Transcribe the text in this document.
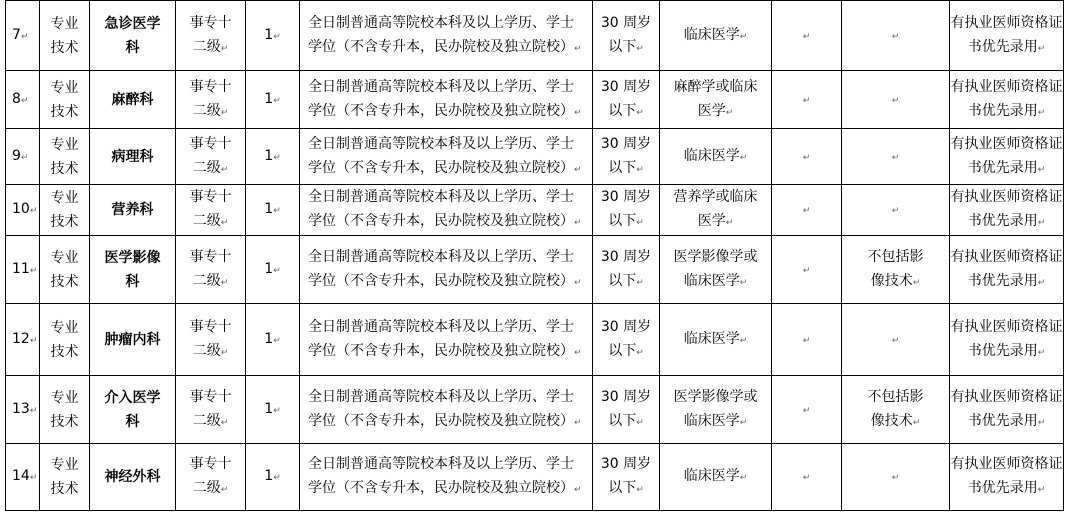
7↵	专业
技术	急诊医学
科	事专十
二级↵	1↵	全日制普通高等院校本科及以上学历、学士
学位（不含专升本，民办院校及独立院校）↵	30 周岁
以下↵	临床医学↵	↵	↵	有执业医师资格证
书优先录用↵

8↵	专业
技术	麻醉科	事专十
二级↵	1↵	全日制普通高等院校本科及以上学历、学士
学位（不含专升本，民办院校及独立院校）↵	30 周岁
以下↵	麻醉学或临床
医学↵	↵	↵	有执业医师资格证
书优先录用↵

9↵	专业
技术	病理科	事专十
二级↵	1↵	全日制普通高等院校本科及以上学历、学士
学位（不含专升本，民办院校及独立院校）↵	30 周岁
以下↵	临床医学↵	↵	↵	有执业医师资格证
书优先录用↵

10↵	专业
技术	营养科	事专十
二级↵	1↵	全日制普通高等院校本科及以上学历、学士
学位（不含专升本，民办院校及独立院校）↵	30 周岁
以下↵	营养学或临床
医学↵	↵	↵	有执业医师资格证
书优先录用↵

11↵	专业
技术	医学影像
科	事专十
二级↵	1↵	全日制普通高等院校本科及以上学历、学士
学位（不含专升本，民办院校及独立院校）↵	30 周岁
以下↵	医学影像学或
临床医学↵	↵	不包括影
像技术↵	有执业医师资格证
书优先录用↵

12↵	专业
技术	肿瘤内科	事专十
二级↵	1↵	全日制普通高等院校本科及以上学历、学士
学位（不含专升本，民办院校及独立院校）↵	30 周岁
以下↵	临床医学↵	↵	↵	有执业医师资格证
书优先录用↵

13↵	专业
技术	介入医学
科	事专十
二级↵	1↵	全日制普通高等院校本科及以上学历、学士
学位（不含专升本，民办院校及独立院校）↵	30 周岁
以下↵	医学影像学或
临床医学↵	↵	不包括影
像技术↵	有执业医师资格证
书优先录用↵

14↵	专业
技术	神经外科	事专十
二级↵	1↵	全日制普通高等院校本科及以上学历、学士
学位（不含专升本，民办院校及独立院校）↵	30 周岁
以下↵	临床医学↵	↵	↵	有执业医师资格证
书优先录用↵
